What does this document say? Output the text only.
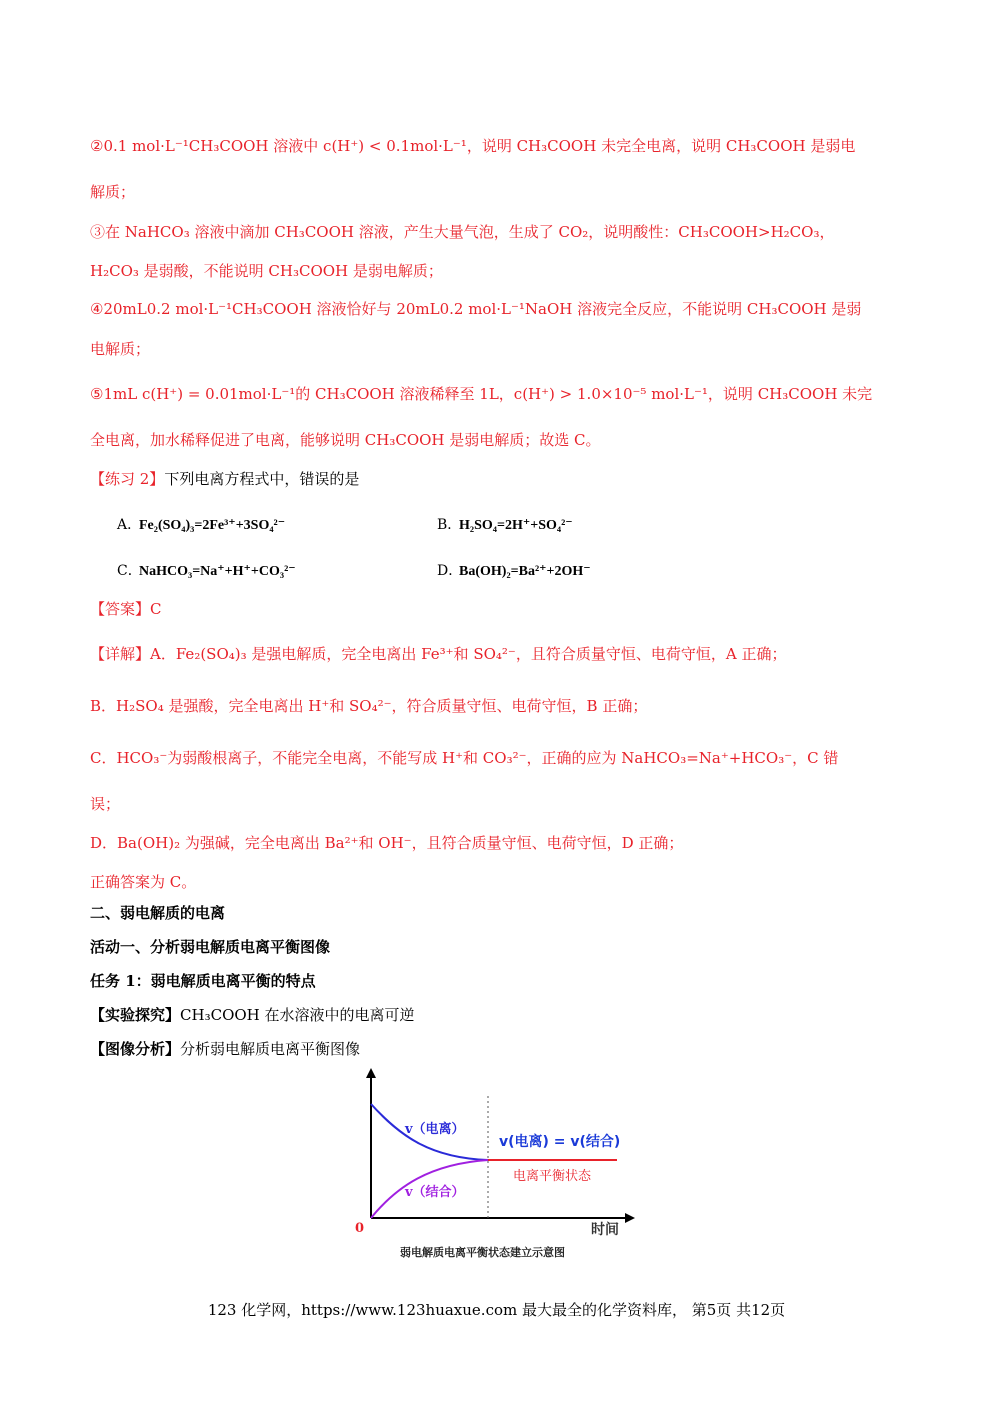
②0.1 mol·L⁻¹CH₃COOH 溶液中 c(H⁺) < 0.1mol·L⁻¹，说明 CH₃COOH 未完全电离，说明 CH₃COOH 是弱电
解质；
③在 NaHCO₃ 溶液中滴加 CH₃COOH 溶液，产生大量气泡，生成了 CO₂，说明酸性：CH₃COOH>H₂CO₃，
H₂CO₃ 是弱酸，不能说明 CH₃COOH 是弱电解质；
④20mL0.2 mol·L⁻¹CH₃COOH 溶液恰好与 20mL0.2 mol·L⁻¹NaOH 溶液完全反应，不能说明 CH₃COOH 是弱
电解质；
⑤1mL c(H⁺) = 0.01mol·L⁻¹的 CH₃COOH 溶液稀释至 1L，c(H⁺) > 1.0×10⁻⁵ mol·L⁻¹，说明 CH₃COOH 未完
全电离，加水稀释促进了电离，能够说明 CH₃COOH 是弱电解质；故选 C。
【练习 2】下列电离方程式中，错误的是
A．Fe₂(SO₄)₃=2Fe³⁺+3SO₄²⁻	B．H₂SO₄=2H⁺+SO₄²⁻
C．NaHCO₃=Na⁺+H⁺+CO₃²⁻	D．Ba(OH)₂=Ba²⁺+2OH⁻
【答案】C
【详解】A．Fe₂(SO₄)₃ 是强电解质，完全电离出 Fe³⁺和 SO₄²⁻，且符合质量守恒、电荷守恒，A 正确；
B．H₂SO₄ 是强酸，完全电离出 H⁺和 SO₄²⁻，符合质量守恒、电荷守恒，B 正确；
C．HCO₃⁻为弱酸根离子，不能完全电离，不能写成 H⁺和 CO₃²⁻，正确的应为 NaHCO₃=Na⁺+HCO₃⁻，C 错
误；
D．Ba(OH)₂ 为强碱，完全电离出 Ba²⁺和 OH⁻，且符合质量守恒、电荷守恒，D 正确；
正确答案为 C。
二、弱电解质的电离
活动一、分析弱电解质电离平衡图像
任务 1：弱电解质电离平衡的特点
【实验探究】CH₃COOH 在水溶液中的电离可逆
【图像分析】分析弱电解质电离平衡图像
v（电离）
v（结合）
v(电离) = v(结合)
电离平衡状态
0	时间
弱电解质电离平衡状态建立示意图
123 化学网，https://www.123huaxue.com 最大最全的化学资料库， 第5页 共12页
